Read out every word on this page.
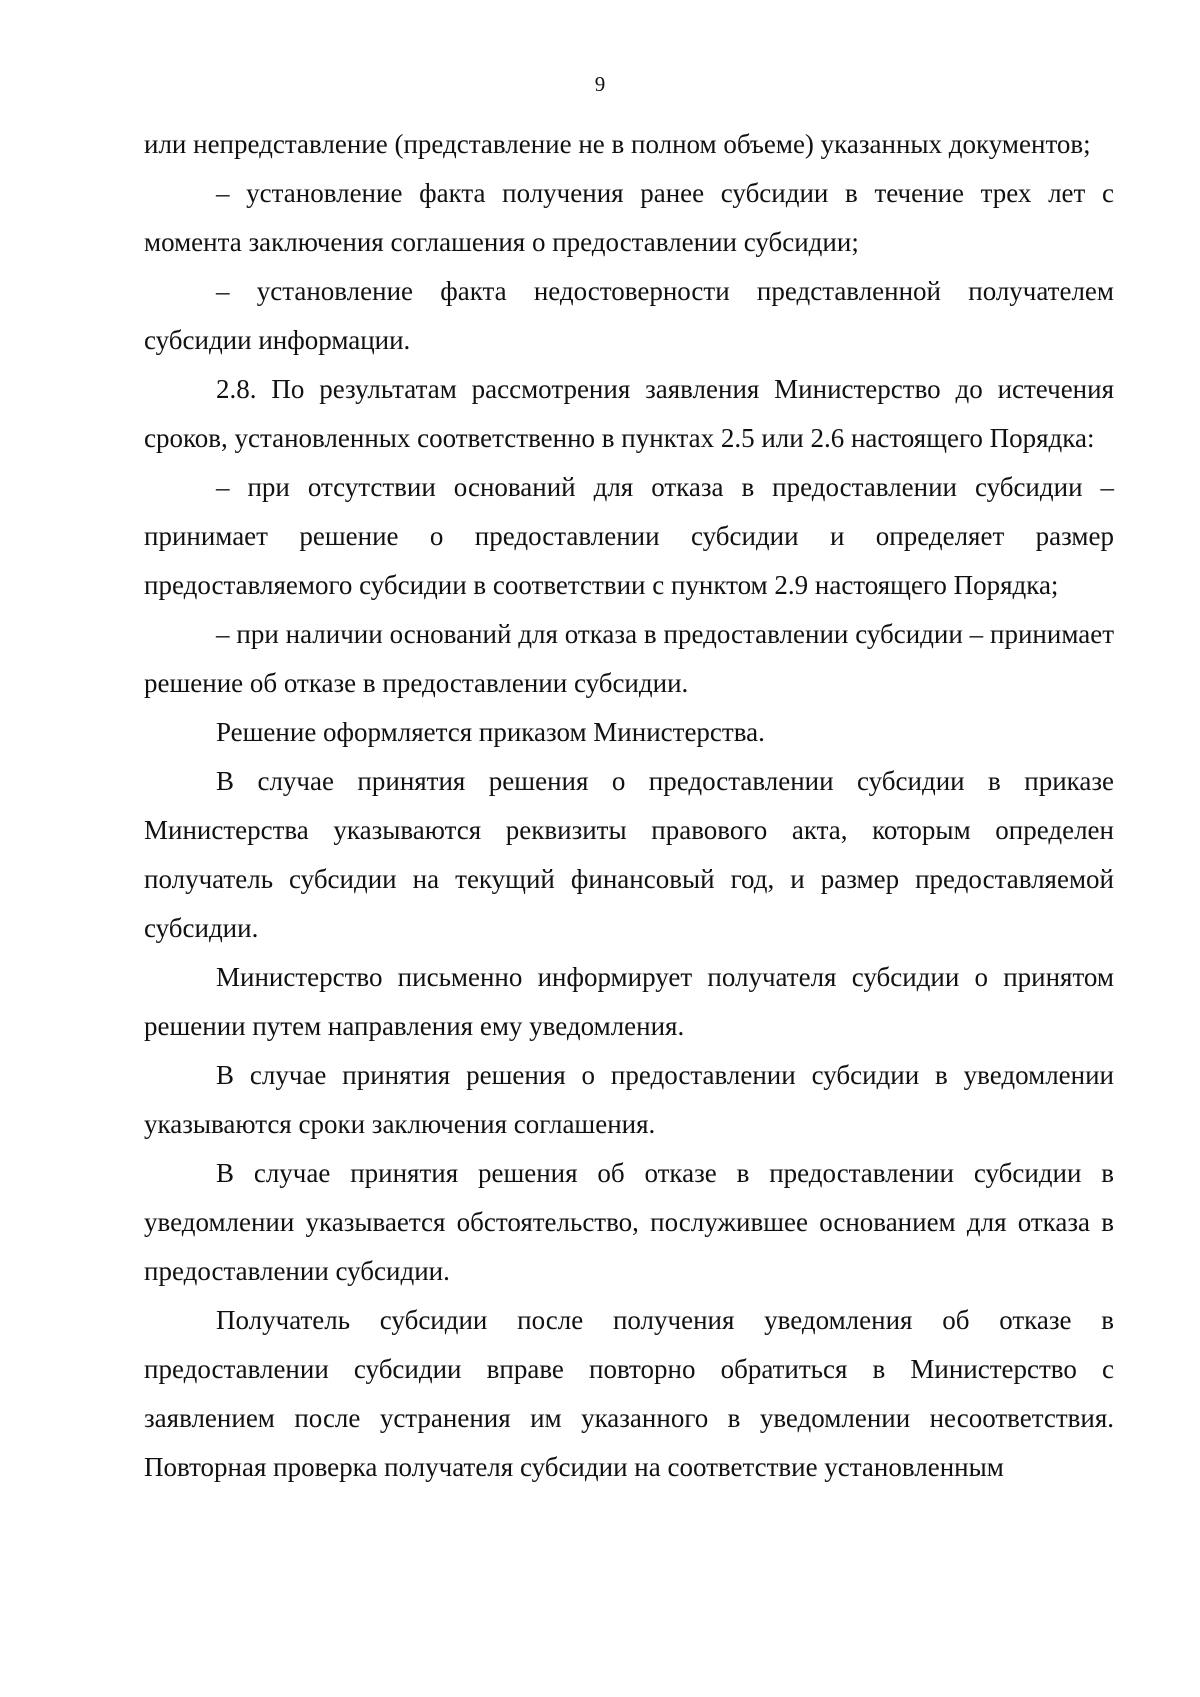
9

или непредставление (представление не в полном объеме) указанных документов;

– установление факта получения ранее субсидии в течение трех лет с момента заключения соглашения о предоставлении субсидии;

– установление факта недостоверности представленной получателем субсидии информации.

2.8. По результатам рассмотрения заявления Министерство до истечения сроков, установленных соответственно в пунктах 2.5 или 2.6 настоящего Порядка:

– при отсутствии оснований для отказа в предоставлении субсидии – принимает решение о предоставлении субсидии и определяет размер предоставляемого субсидии в соответствии с пунктом 2.9 настоящего Порядка;

– при наличии оснований для отказа в предоставлении субсидии – принимает решение об отказе в предоставлении субсидии.

Решение оформляется приказом Министерства.

В случае принятия решения о предоставлении субсидии в приказе Министерства указываются реквизиты правового акта, которым определен получатель субсидии на текущий финансовый год, и размер предоставляемой субсидии.

Министерство письменно информирует получателя субсидии о принятом решении путем направления ему уведомления.

В случае принятия решения о предоставлении субсидии в уведомлении указываются сроки заключения соглашения.

В случае принятия решения об отказе в предоставлении субсидии в уведомлении указывается обстоятельство, послужившее основанием для отказа в предоставлении субсидии.

Получатель субсидии после получения уведомления об отказе в предоставлении субсидии вправе повторно обратиться в Министерство с заявлением после устранения им указанного в уведомлении несоответствия. Повторная проверка получателя субсидии на соответствие установленным
